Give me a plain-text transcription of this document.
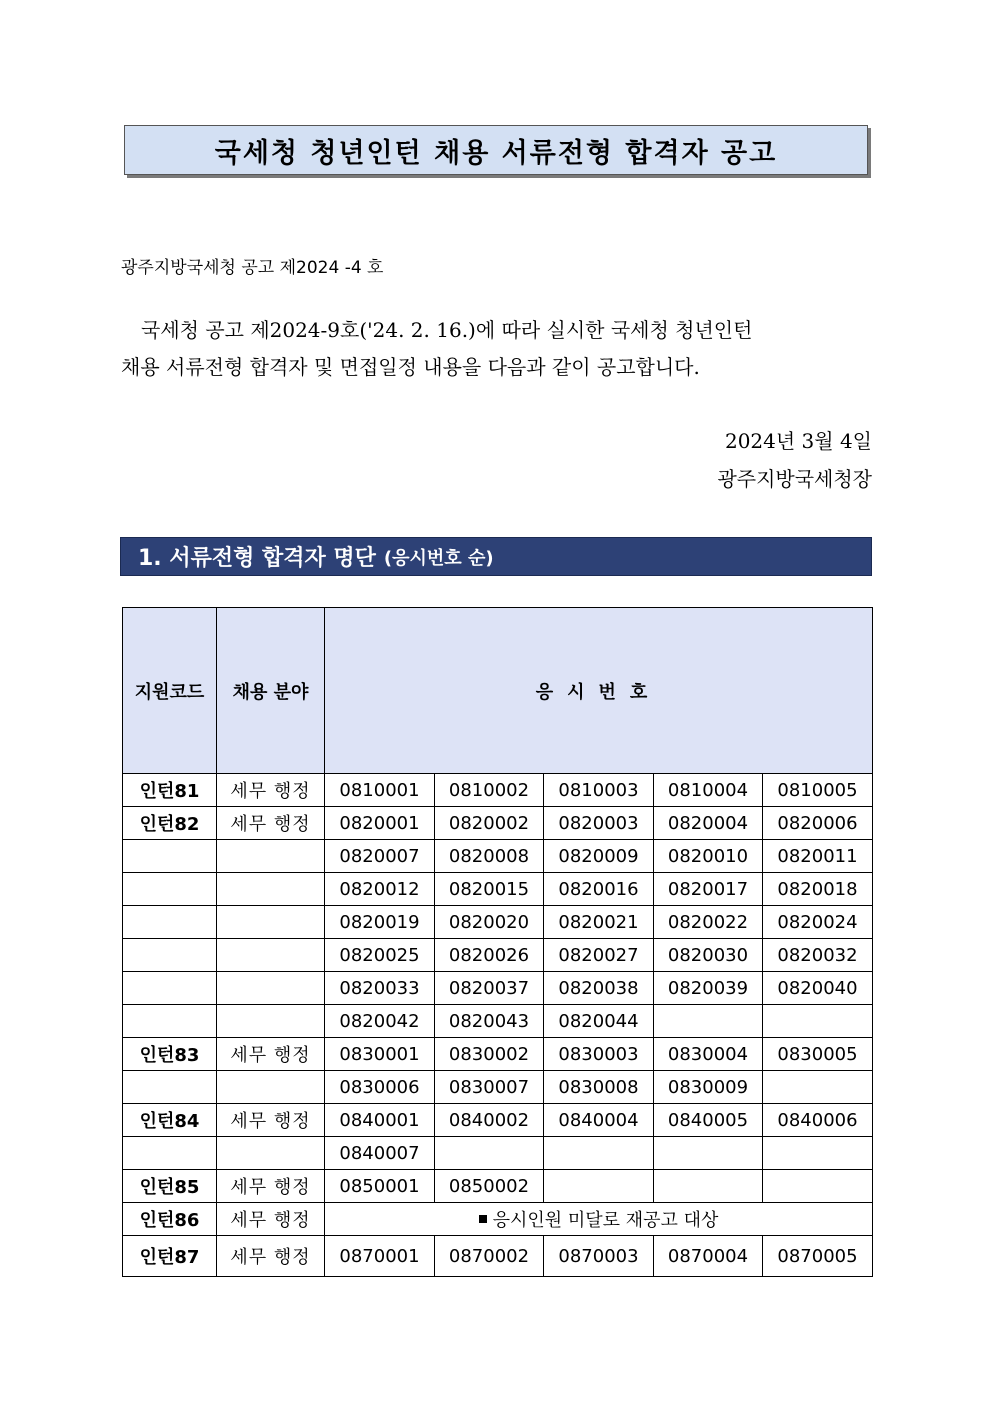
국세청 청년인턴 채용 서류전형 합격자 공고
광주지방국세청 공고 제2024 -4 호
국세청 공고 제2024-9호('24. 2. 16.)에 따라 실시한 국세청 청년인턴
채용 서류전형 합격자 및 면접일정 내용을 다음과 같이 공고합니다.
2024년 3월 4일
광주지방국세청장
1. 서류전형 합격자 명단 (응시번호 순)
지원코드	채용 분야	응시번호				
인턴81	세무 행정	0810001	0810002	0810003	0810004	0810005
인턴82	세무 행정	0820001	0820002	0820003	0820004	0820006
		0820007	0820008	0820009	0820010	0820011
		0820012	0820015	0820016	0820017	0820018
		0820019	0820020	0820021	0820022	0820024
		0820025	0820026	0820027	0820030	0820032
		0820033	0820037	0820038	0820039	0820040
		0820042	0820043	0820044		
인턴83	세무 행정	0830001	0830002	0830003	0830004	0830005
		0830006	0830007	0830008	0830009	
인턴84	세무 행정	0840001	0840002	0840004	0840005	0840006
		0840007				
인턴85	세무 행정	0850001	0850002			
인턴86	세무 행정	응시인원 미달로 재공고 대상				
인턴87	세무 행정	0870001	0870002	0870003	0870004	0870005
